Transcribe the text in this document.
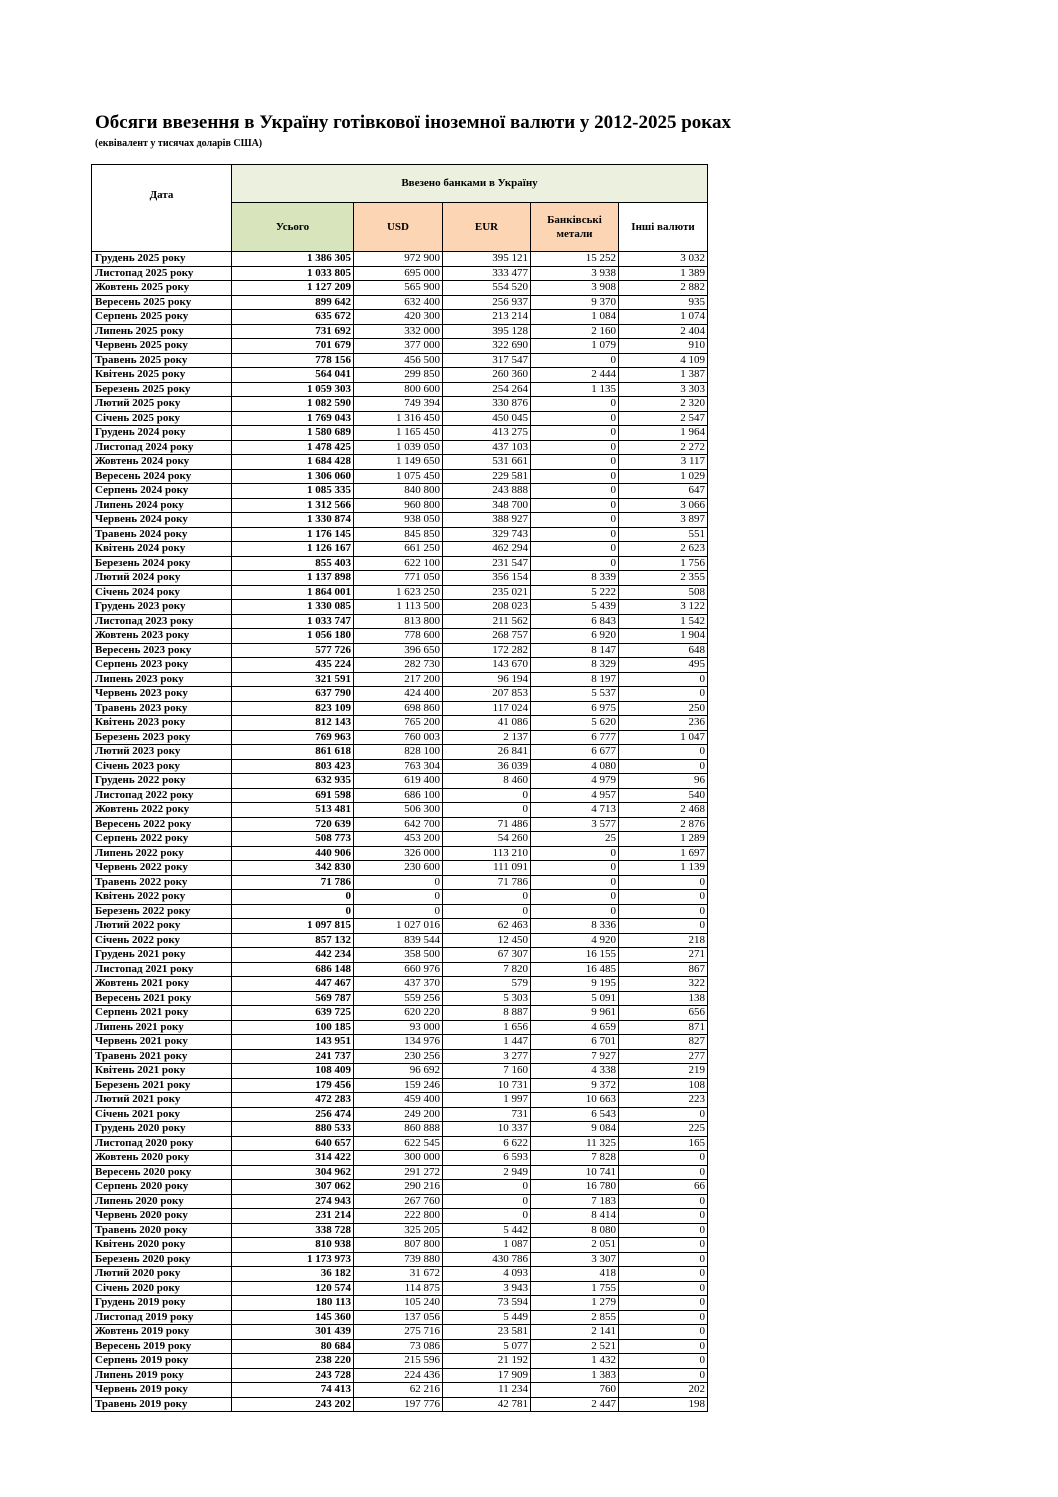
Обсяги ввезення в Україну готівкової іноземної валюти у 2012-2025 роках
(еквівалент у тисячах доларів США)
Дата	Ввезено банками в Україну				
	Усього	USD	EUR	Банківські метали	Інші валюти
Грудень 2025 року	1 386 305	972 900	395 121	15 252	3 032
Листопад 2025 року	1 033 805	695 000	333 477	3 938	1 389
Жовтень 2025 року	1 127 209	565 900	554 520	3 908	2 882
Вересень 2025 року	899 642	632 400	256 937	9 370	935
Серпень 2025 року	635 672	420 300	213 214	1 084	1 074
Липень 2025 року	731 692	332 000	395 128	2 160	2 404
Червень 2025 року	701 679	377 000	322 690	1 079	910
Травень 2025 року	778 156	456 500	317 547	0	4 109
Квітень 2025 року	564 041	299 850	260 360	2 444	1 387
Березень 2025 року	1 059 303	800 600	254 264	1 135	3 303
Лютий 2025 року	1 082 590	749 394	330 876	0	2 320
Січень 2025 року	1 769 043	1 316 450	450 045	0	2 547
Грудень 2024 року	1 580 689	1 165 450	413 275	0	1 964
Листопад 2024 року	1 478 425	1 039 050	437 103	0	2 272
Жовтень 2024 року	1 684 428	1 149 650	531 661	0	3 117
Вересень 2024 року	1 306 060	1 075 450	229 581	0	1 029
Серпень 2024 року	1 085 335	840 800	243 888	0	647
Липень 2024 року	1 312 566	960 800	348 700	0	3 066
Червень 2024 року	1 330 874	938 050	388 927	0	3 897
Травень 2024 року	1 176 145	845 850	329 743	0	551
Квітень 2024 року	1 126 167	661 250	462 294	0	2 623
Березень 2024 року	855 403	622 100	231 547	0	1 756
Лютий 2024 року	1 137 898	771 050	356 154	8 339	2 355
Січень 2024 року	1 864 001	1 623 250	235 021	5 222	508
Грудень 2023 року	1 330 085	1 113 500	208 023	5 439	3 122
Листопад 2023 року	1 033 747	813 800	211 562	6 843	1 542
Жовтень 2023 року	1 056 180	778 600	268 757	6 920	1 904
Вересень 2023 року	577 726	396 650	172 282	8 147	648
Серпень 2023 року	435 224	282 730	143 670	8 329	495
Липень 2023 року	321 591	217 200	96 194	8 197	0
Червень 2023 року	637 790	424 400	207 853	5 537	0
Травень 2023 року	823 109	698 860	117 024	6 975	250
Квітень 2023 року	812 143	765 200	41 086	5 620	236
Березень 2023 року	769 963	760 003	2 137	6 777	1 047
Лютий 2023 року	861 618	828 100	26 841	6 677	0
Січень 2023 року	803 423	763 304	36 039	4 080	0
Грудень 2022 року	632 935	619 400	8 460	4 979	96
Листопад 2022 року	691 598	686 100	0	4 957	540
Жовтень 2022 року	513 481	506 300	0	4 713	2 468
Вересень 2022 року	720 639	642 700	71 486	3 577	2 876
Серпень 2022 року	508 773	453 200	54 260	25	1 289
Липень 2022 року	440 906	326 000	113 210	0	1 697
Червень 2022 року	342 830	230 600	111 091	0	1 139
Травень 2022 року	71 786	0	71 786	0	0
Квітень 2022 року	0	0	0	0	0
Березень 2022 року	0	0	0	0	0
Лютий 2022 року	1 097 815	1 027 016	62 463	8 336	0
Січень 2022 року	857 132	839 544	12 450	4 920	218
Грудень 2021 року	442 234	358 500	67 307	16 155	271
Листопад 2021 року	686 148	660 976	7 820	16 485	867
Жовтень 2021 року	447 467	437 370	579	9 195	322
Вересень 2021 року	569 787	559 256	5 303	5 091	138
Серпень 2021 року	639 725	620 220	8 887	9 961	656
Липень 2021 року	100 185	93 000	1 656	4 659	871
Червень 2021 року	143 951	134 976	1 447	6 701	827
Травень 2021 року	241 737	230 256	3 277	7 927	277
Квітень 2021 року	108 409	96 692	7 160	4 338	219
Березень 2021 року	179 456	159 246	10 731	9 372	108
Лютий 2021 року	472 283	459 400	1 997	10 663	223
Січень 2021 року	256 474	249 200	731	6 543	0
Грудень 2020 року	880 533	860 888	10 337	9 084	225
Листопад 2020 року	640 657	622 545	6 622	11 325	165
Жовтень 2020 року	314 422	300 000	6 593	7 828	0
Вересень 2020 року	304 962	291 272	2 949	10 741	0
Серпень 2020 року	307 062	290 216	0	16 780	66
Липень 2020 року	274 943	267 760	0	7 183	0
Червень 2020 року	231 214	222 800	0	8 414	0
Травень 2020 року	338 728	325 205	5 442	8 080	0
Квітень 2020 року	810 938	807 800	1 087	2 051	0
Березень 2020 року	1 173 973	739 880	430 786	3 307	0
Лютий 2020 року	36 182	31 672	4 093	418	0
Січень 2020 року	120 574	114 875	3 943	1 755	0
Грудень 2019 року	180 113	105 240	73 594	1 279	0
Листопад 2019 року	145 360	137 056	5 449	2 855	0
Жовтень 2019 року	301 439	275 716	23 581	2 141	0
Вересень 2019 року	80 684	73 086	5 077	2 521	0
Серпень 2019 року	238 220	215 596	21 192	1 432	0
Липень 2019 року	243 728	224 436	17 909	1 383	0
Червень 2019 року	74 413	62 216	11 234	760	202
Травень 2019 року	243 202	197 776	42 781	2 447	198
